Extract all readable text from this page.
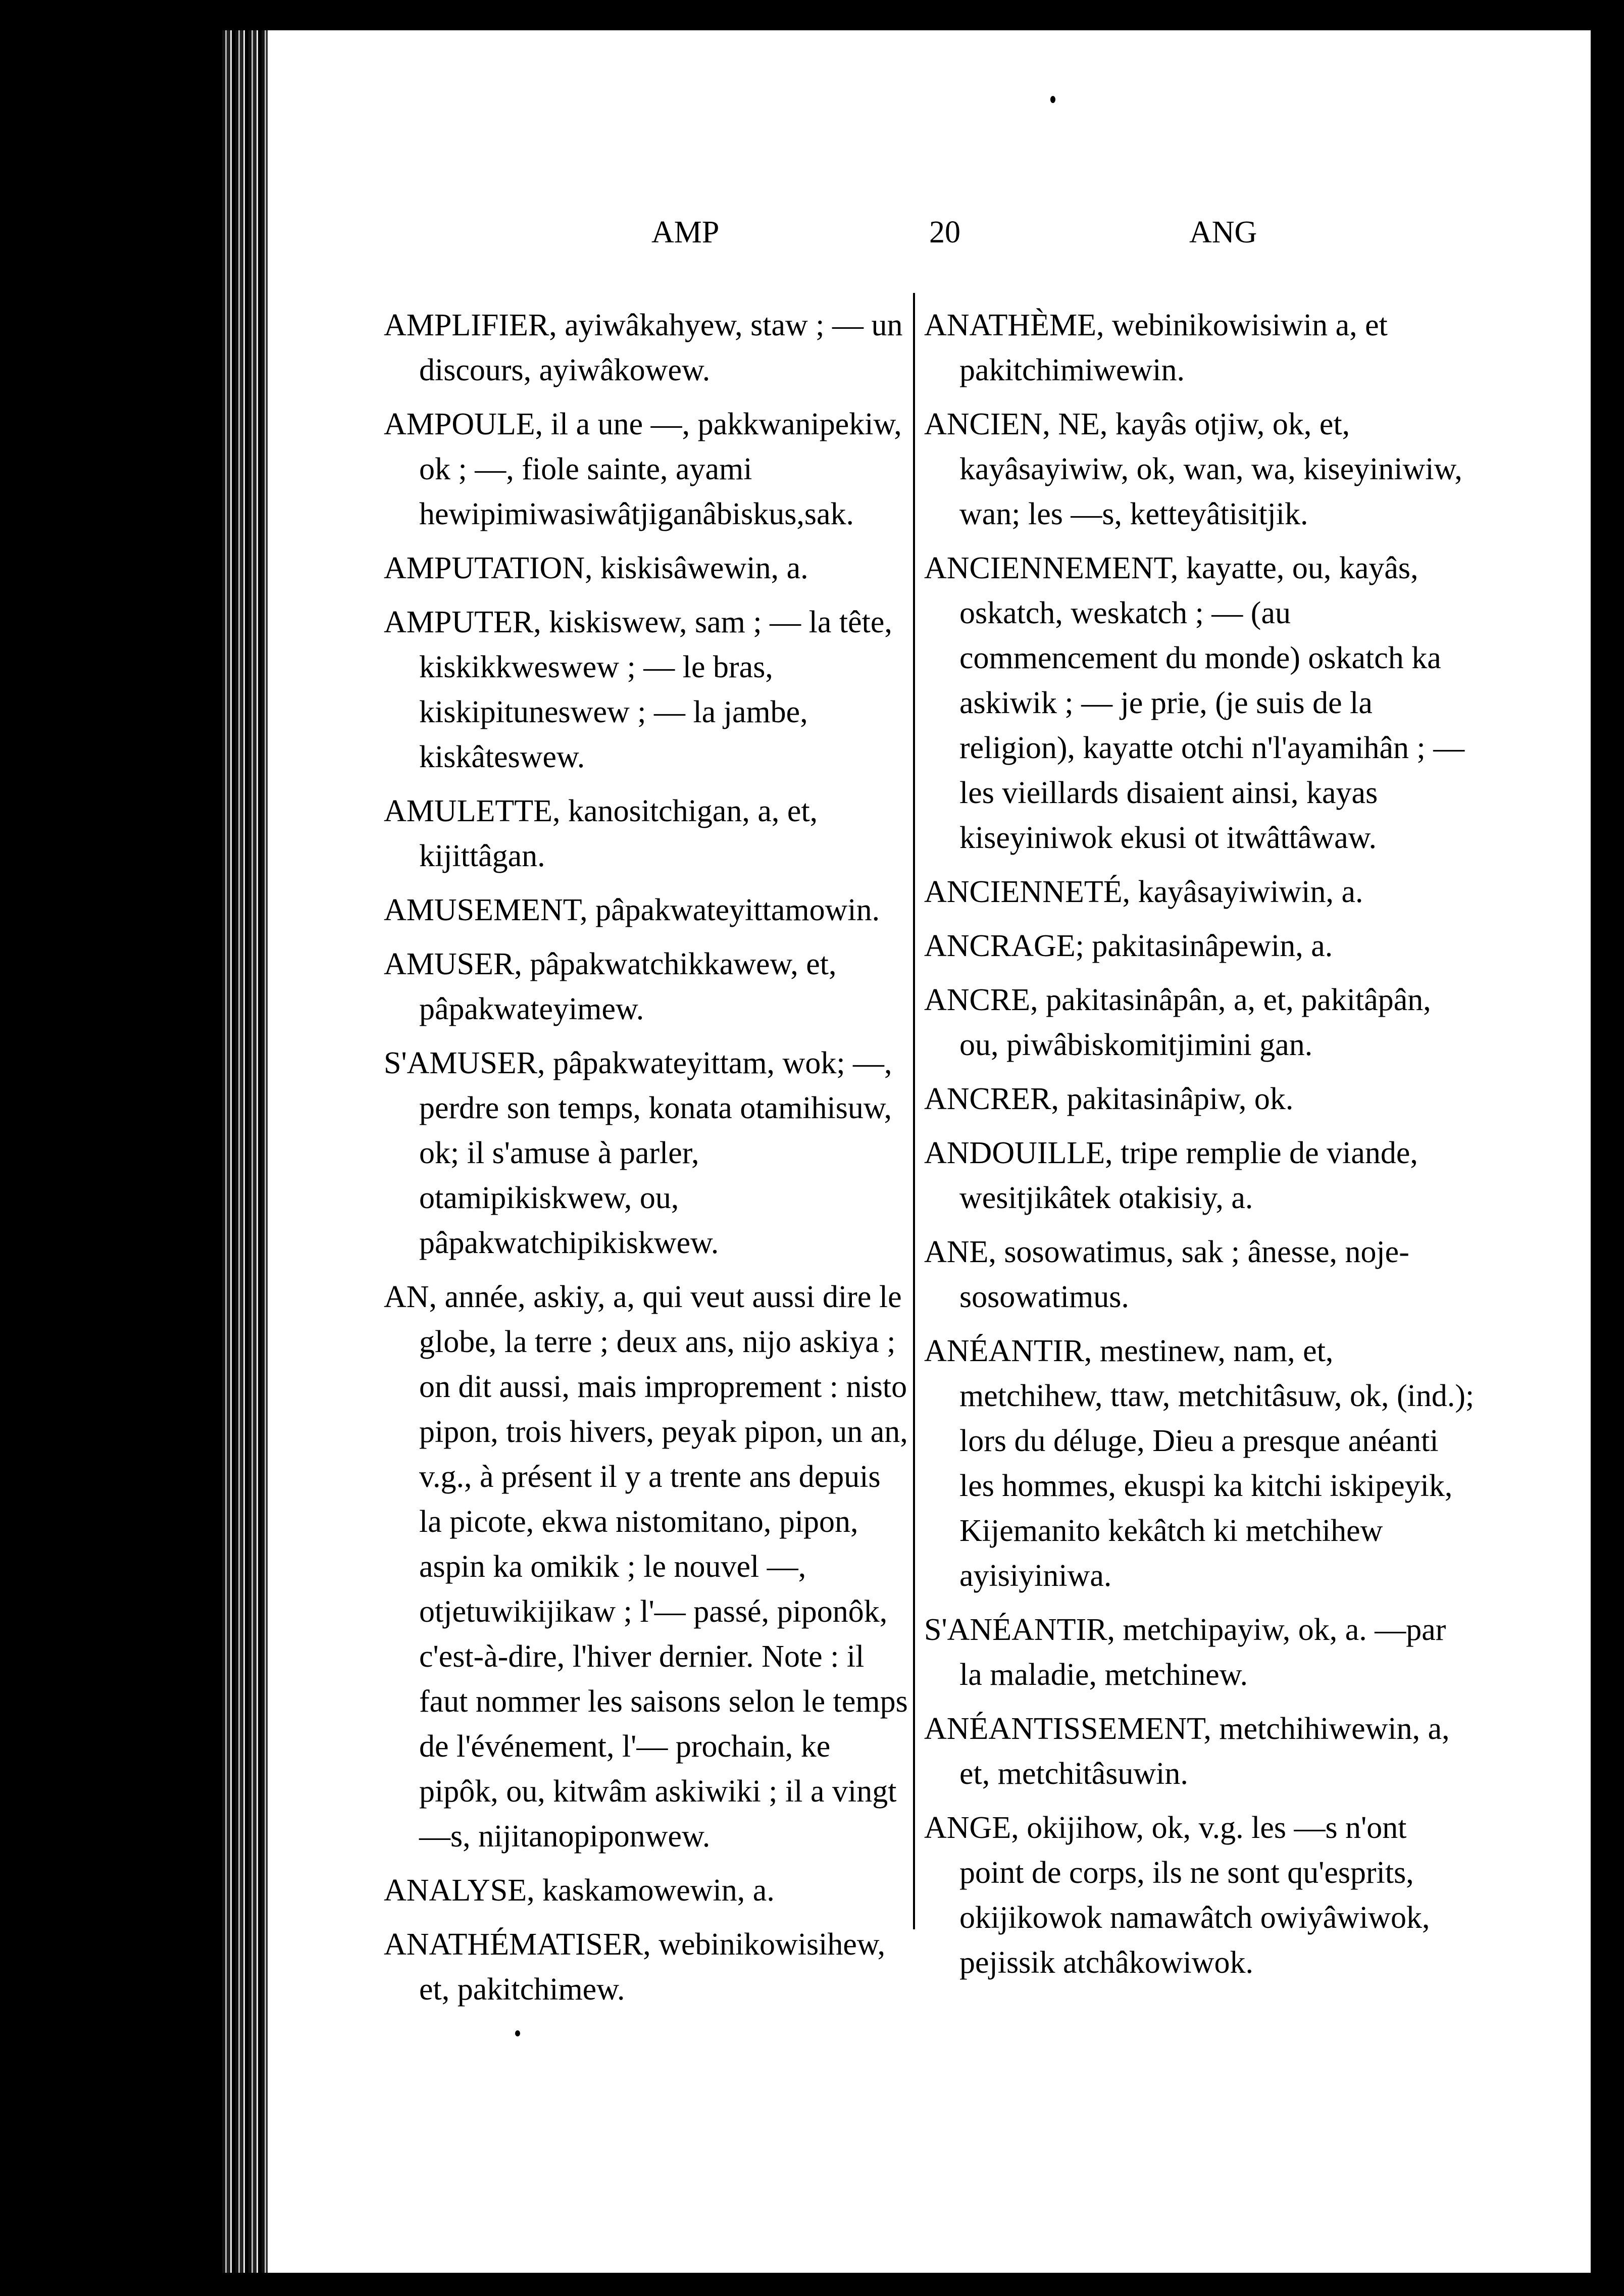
AMP	20	ANG
AMPLIFIER, ayiwâkahyew, staw ; — un discours, ayiwâkowew.
AMPOULE, il a une —, pakkwanipekiw, ok ; —, fiole sainte, ayami hewipimiwasiwâtjiganâbiskus,sak.
AMPUTATION, kiskisâwewin, a.
AMPUTER, kiskiswew, sam ; — la tête, kiskikkweswew ; — le bras, kiskipituneswew ; — la jambe, kiskâteswew.
AMULETTE, kanositchigan, a, et, kijittâgan.
AMUSEMENT, pâpakwateyittamowin.
AMUSER, pâpakwatchikkawew, et, pâpakwateyimew.
S'AMUSER, pâpakwateyittam, wok; —, perdre son temps, konata otamihisuw, ok; il s'amuse à parler, otamipikiskwew, ou, pâpakwatchipikiskwew.
AN, année, askiy, a, qui veut aussi dire le globe, la terre ; deux ans, nijo askiya ; on dit aussi, mais improprement : nisto pipon, trois hivers, peyak pipon, un an, v.g., à présent il y a trente ans depuis la picote, ekwa nistomitano, pipon, aspin ka omikik ; le nouvel —, otjetuwikijikaw ; l'— passé, piponôk, c'est-à-dire, l'hiver dernier. Note : il faut nommer les saisons selon le temps de l'événement, l'— prochain, ke pipôk, ou, kitwâm askiwiki ; il a vingt —s, nijitanopiponwew.
ANALYSE, kaskamowewin, a.
ANATHÉMATISER, webinikowisihew, et, pakitchimew.
ANATHÈME, webinikowisiwin a, et pakitchimiwewin.
ANCIEN, NE, kayâs otjiw, ok, et, kayâsayiwiw, ok, wan, wa, kiseyiniwiw, wan; les —s, ketteyâtisitjik.
ANCIENNEMENT, kayatte, ou, kayâs, oskatch, weskatch ; — (au commencement du monde) oskatch ka askiwik ; — je prie, (je suis de la religion), kayatte otchi n'l'ayamihân ; — les vieillards disaient ainsi, kayas kiseyiniwok ekusi ot itwâttâwaw.
ANCIENNETÉ, kayâsayiwiwin, a.
ANCRAGE; pakitasinâpewin, a.
ANCRE, pakitasinâpân, a, et, pakitâpân, ou, piwâbiskomitjimini gan.
ANCRER, pakitasinâpiw, ok.
ANDOUILLE, tripe remplie de viande, wesitjikâtek otakisiy, a.
ANE, sosowatimus, sak ; ânesse, noje-sosowatimus.
ANÉANTIR, mestinew, nam, et, metchihew, ttaw, metchitâsuw, ok, (ind.); lors du déluge, Dieu a presque anéanti les hommes, ekuspi ka kitchi iskipeyik, Kijemanito kekâtch ki metchihew ayisiyiniwa.
S'ANÉANTIR, metchipayiw, ok, a. —par la maladie, metchinew.
ANÉANTISSEMENT, metchihiwewin, a, et, metchitâsuwin.
ANGE, okijihow, ok, v.g. les —s n'ont point de corps, ils ne sont qu'esprits, okijikowok namawâtch owiyâwiwok, pejissik atchâkowiwok.
